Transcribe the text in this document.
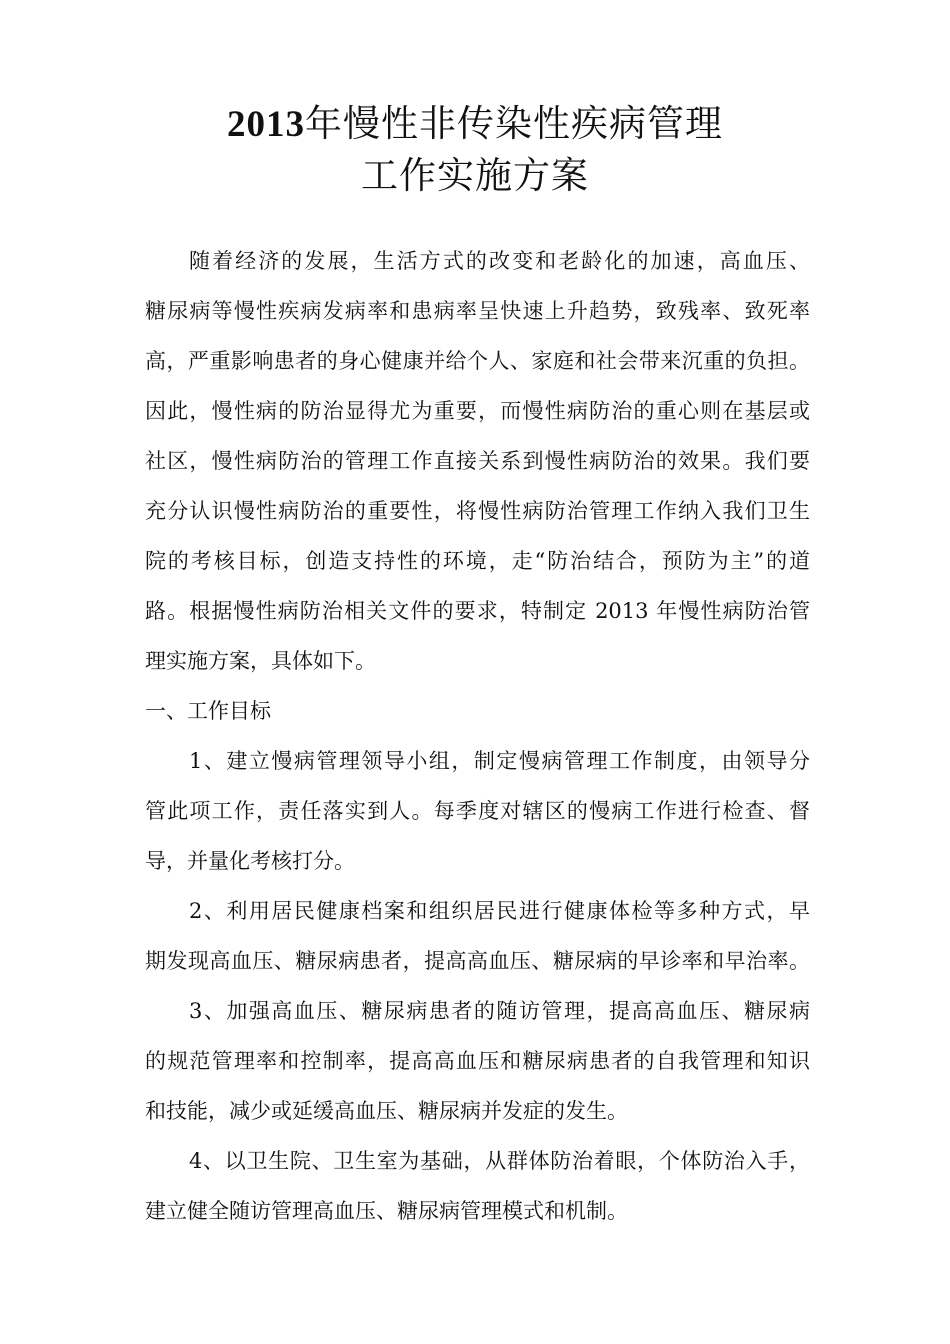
2013年慢性非传染性疾病管理
工作实施方案
随着经济的发展，生活方式的改变和老龄化的加速，高血压、
糖尿病等慢性疾病发病率和患病率呈快速上升趋势，致残率、致死率
高，严重影响患者的身心健康并给个人、家庭和社会带来沉重的负担。
因此，慢性病的防治显得尤为重要，而慢性病防治的重心则在基层或
社区，慢性病防治的管理工作直接关系到慢性病防治的效果。我们要
充分认识慢性病防治的重要性，将慢性病防治管理工作纳入我们卫生
院的考核目标，创造支持性的环境，走“防治结合，预防为主”的道
路。根据慢性病防治相关文件的要求，特制定 2013 年慢性病防治管
理实施方案，具体如下。
一、工作目标
1、建立慢病管理领导小组，制定慢病管理工作制度，由领导分
管此项工作，责任落实到人。每季度对辖区的慢病工作进行检查、督
导，并量化考核打分。
2、利用居民健康档案和组织居民进行健康体检等多种方式，早
期发现高血压、糖尿病患者，提高高血压、糖尿病的早诊率和早治率。
3、加强高血压、糖尿病患者的随访管理，提高高血压、糖尿病
的规范管理率和控制率，提高高血压和糖尿病患者的自我管理和知识
和技能，减少或延缓高血压、糖尿病并发症的发生。
4、以卫生院、卫生室为基础，从群体防治着眼，个体防治入手，
建立健全随访管理高血压、糖尿病管理模式和机制。
